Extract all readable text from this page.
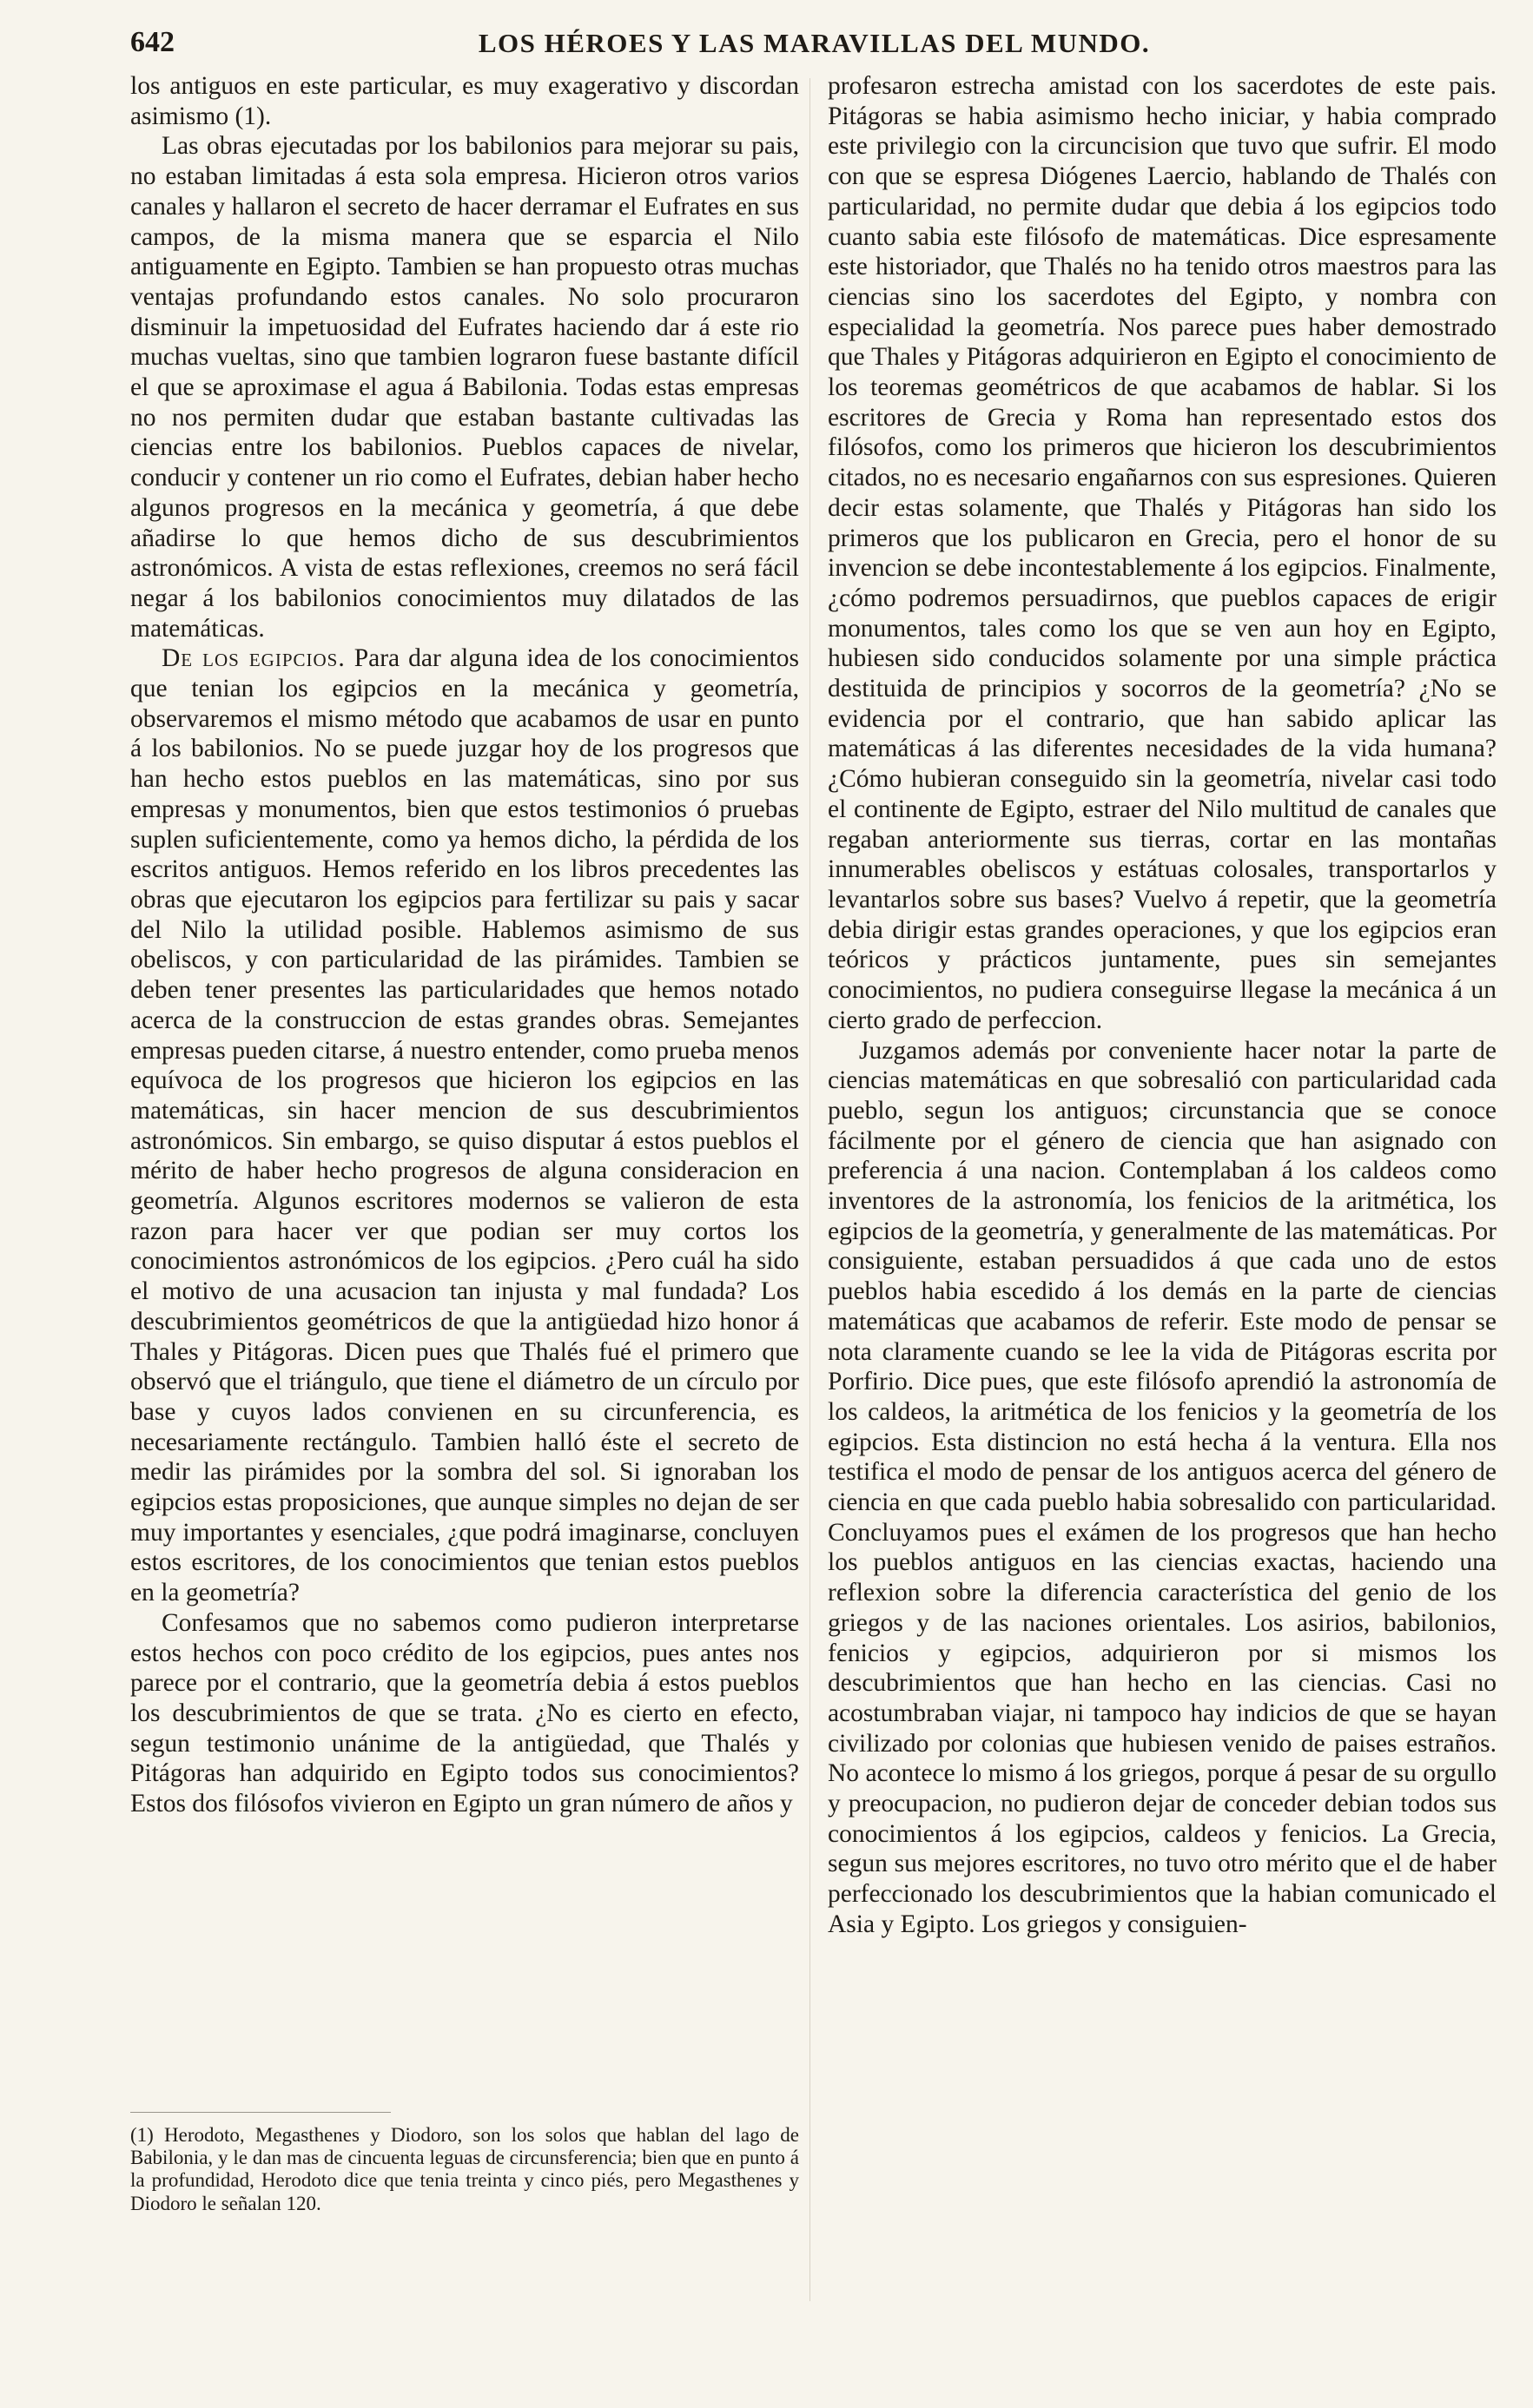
642	LOS HÉROES Y LAS MARAVILLAS DEL MUNDO.

los antiguos en este particular, es muy exagerativo y discordan asimismo (1).

Las obras ejecutadas por los babilonios para mejorar su pais, no estaban limitadas á esta sola empresa. Hicieron otros varios canales y hallaron el secreto de hacer derramar el Eufrates en sus campos, de la misma manera que se esparcia el Nilo antiguamente en Egipto. Tambien se han propuesto otras muchas ventajas profundando estos canales. No solo procuraron disminuir la impetuosidad del Eufrates haciendo dar á este rio muchas vueltas, sino que tambien lograron fuese bastante difícil el que se aproximase el agua á Babilonia. Todas estas empresas no nos permiten dudar que estaban bastante cultivadas las ciencias entre los babilonios. Pueblos capaces de nivelar, conducir y contener un rio como el Eufrates, debian haber hecho algunos progresos en la mecánica y geometría, á que debe añadirse lo que hemos dicho de sus descubrimientos astronómicos. A vista de estas reflexiones, creemos no será fácil negar á los babilonios conocimientos muy dilatados de las matemáticas.

De los egipcios. Para dar alguna idea de los conocimientos que tenian los egipcios en la mecánica y geometría, observaremos el mismo método que acabamos de usar en punto á los babilonios. No se puede juzgar hoy de los progresos que han hecho estos pueblos en las matemáticas, sino por sus empresas y monumentos, bien que estos testimonios ó pruebas suplen suficientemente, como ya hemos dicho, la pérdida de los escritos antiguos. Hemos referido en los libros precedentes las obras que ejecutaron los egipcios para fertilizar su pais y sacar del Nilo la utilidad posible. Hablemos asimismo de sus obeliscos, y con particularidad de las pirámides. Tambien se deben tener presentes las particularidades que hemos notado acerca de la construccion de estas grandes obras. Semejantes empresas pueden citarse, á nuestro entender, como prueba menos equívoca de los progresos que hicieron los egipcios en las matemáticas, sin hacer mencion de sus descubrimientos astronómicos. Sin embargo, se quiso disputar á estos pueblos el mérito de haber hecho progresos de alguna consideracion en geometría. Algunos escritores modernos se valieron de esta razon para hacer ver que podian ser muy cortos los conocimientos astronómicos de los egipcios. ¿Pero cuál ha sido el motivo de una acusacion tan injusta y mal fundada? Los descubrimientos geométricos de que la antigüedad hizo honor á Thales y Pitágoras. Dicen pues que Thalés fué el primero que observó que el triángulo, que tiene el diámetro de un círculo por base y cuyos lados convienen en su circunferencia, es necesariamente rectángulo. Tambien halló éste el secreto de medir las pirámides por la sombra del sol. Si ignoraban los egipcios estas proposiciones, que aunque simples no dejan de ser muy importantes y esenciales, ¿que podrá imaginarse, concluyen estos escritores, de los conocimientos que tenian estos pueblos en la geometría?

Confesamos que no sabemos como pudieron interpretarse estos hechos con poco crédito de los egipcios, pues antes nos parece por el contrario, que la geometría debia á estos pueblos los descubrimientos de que se trata. ¿No es cierto en efecto, segun testimonio unánime de la antigüedad, que Thalés y Pitágoras han adquirido en Egipto todos sus conocimientos? Estos dos filósofos vivieron en Egipto un gran número de años y

profesaron estrecha amistad con los sacerdotes de este pais. Pitágoras se habia asimismo hecho iniciar, y habia comprado este privilegio con la circuncision que tuvo que sufrir. El modo con que se espresa Diógenes Laercio, hablando de Thalés con particularidad, no permite dudar que debia á los egipcios todo cuanto sabia este filósofo de matemáticas. Dice espresamente este historiador, que Thalés no ha tenido otros maestros para las ciencias sino los sacerdotes del Egipto, y nombra con especialidad la geometría. Nos parece pues haber demostrado que Thales y Pitágoras adquirieron en Egipto el conocimiento de los teoremas geométricos de que acabamos de hablar. Si los escritores de Grecia y Roma han representado estos dos filósofos, como los primeros que hicieron los descubrimientos citados, no es necesario engañarnos con sus espresiones. Quieren decir estas solamente, que Thalés y Pitágoras han sido los primeros que los publicaron en Grecia, pero el honor de su invencion se debe incontestablemente á los egipcios. Finalmente, ¿cómo podremos persuadirnos, que pueblos capaces de erigir monumentos, tales como los que se ven aun hoy en Egipto, hubiesen sido conducidos solamente por una simple práctica destituida de principios y socorros de la geometría? ¿No se evidencia por el contrario, que han sabido aplicar las matemáticas á las diferentes necesidades de la vida humana? ¿Cómo hubieran conseguido sin la geometría, nivelar casi todo el continente de Egipto, estraer del Nilo multitud de canales que regaban anteriormente sus tierras, cortar en las montañas innumerables obeliscos y estátuas colosales, transportarlos y levantarlos sobre sus bases? Vuelvo á repetir, que la geometría debia dirigir estas grandes operaciones, y que los egipcios eran teóricos y prácticos juntamente, pues sin semejantes conocimientos, no pudiera conseguirse llegase la mecánica á un cierto grado de perfeccion.

Juzgamos además por conveniente hacer notar la parte de ciencias matemáticas en que sobresalió con particularidad cada pueblo, segun los antiguos; circunstancia que se conoce fácilmente por el género de ciencia que han asignado con preferencia á una nacion. Contemplaban á los caldeos como inventores de la astronomía, los fenicios de la aritmética, los egipcios de la geometría, y generalmente de las matemáticas. Por consiguiente, estaban persuadidos á que cada uno de estos pueblos habia escedido á los demás en la parte de ciencias matemáticas que acabamos de referir. Este modo de pensar se nota claramente cuando se lee la vida de Pitágoras escrita por Porfirio. Dice pues, que este filósofo aprendió la astronomía de los caldeos, la aritmética de los fenicios y la geometría de los egipcios. Esta distincion no está hecha á la ventura. Ella nos testifica el modo de pensar de los antiguos acerca del género de ciencia en que cada pueblo habia sobresalido con particularidad. Concluyamos pues el exámen de los progresos que han hecho los pueblos antiguos en las ciencias exactas, haciendo una reflexion sobre la diferencia característica del genio de los griegos y de las naciones orientales. Los asirios, babilonios, fenicios y egipcios, adquirieron por si mismos los descubrimientos que han hecho en las ciencias. Casi no acostumbraban viajar, ni tampoco hay indicios de que se hayan civilizado por colonias que hubiesen venido de paises estraños. No acontece lo mismo á los griegos, porque á pesar de su orgullo y preocupacion, no pudieron dejar de conceder debian todos sus conocimientos á los egipcios, caldeos y fenicios. La Grecia, segun sus mejores escritores, no tuvo otro mérito que el de haber perfeccionado los descubrimientos que la habian comunicado el Asia y Egipto. Los griegos y consiguien-

(1) Herodoto, Megasthenes y Diodoro, son los solos que hablan del lago de Babilonia, y le dan mas de cincuenta leguas de circunsferencia; bien que en punto á la profundidad, Herodoto dice que tenia treinta y cinco piés, pero Megasthenes y Diodoro le señalan 120.
